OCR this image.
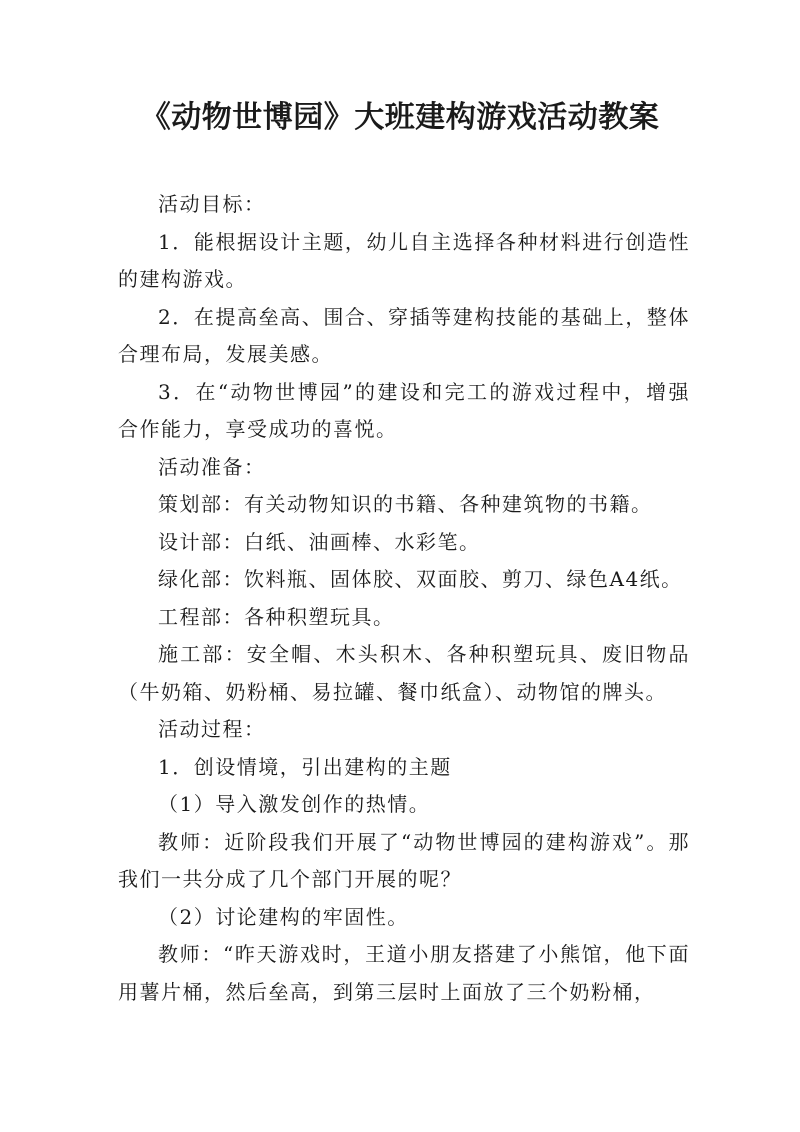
《动物世博园》大班建构游戏活动教案

活动目标：

1．能根据设计主题，幼儿自主选择各种材料进行创造性的建构游戏。

2．在提高垒高、围合、穿插等建构技能的基础上，整体合理布局，发展美感。

3．在“动物世博园”的建设和完工的游戏过程中，增强合作能力，享受成功的喜悦。

活动准备：

策划部：有关动物知识的书籍、各种建筑物的书籍。

设计部：白纸、油画棒、水彩笔。

绿化部：饮料瓶、固体胶、双面胶、剪刀、绿色A4纸。

工程部：各种积塑玩具。

施工部：安全帽、木头积木、各种积塑玩具、废旧物品（牛奶箱、奶粉桶、易拉罐、餐巾纸盒）、动物馆的牌头。

活动过程：

1．创设情境，引出建构的主题

（1）导入激发创作的热情。

教师：近阶段我们开展了“动物世博园的建构游戏”。那我们一共分成了几个部门开展的呢？

（2）讨论建构的牢固性。

教师：“昨天游戏时，王道小朋友搭建了小熊馆，他下面用薯片桶，然后垒高，到第三层时上面放了三个奶粉桶，
